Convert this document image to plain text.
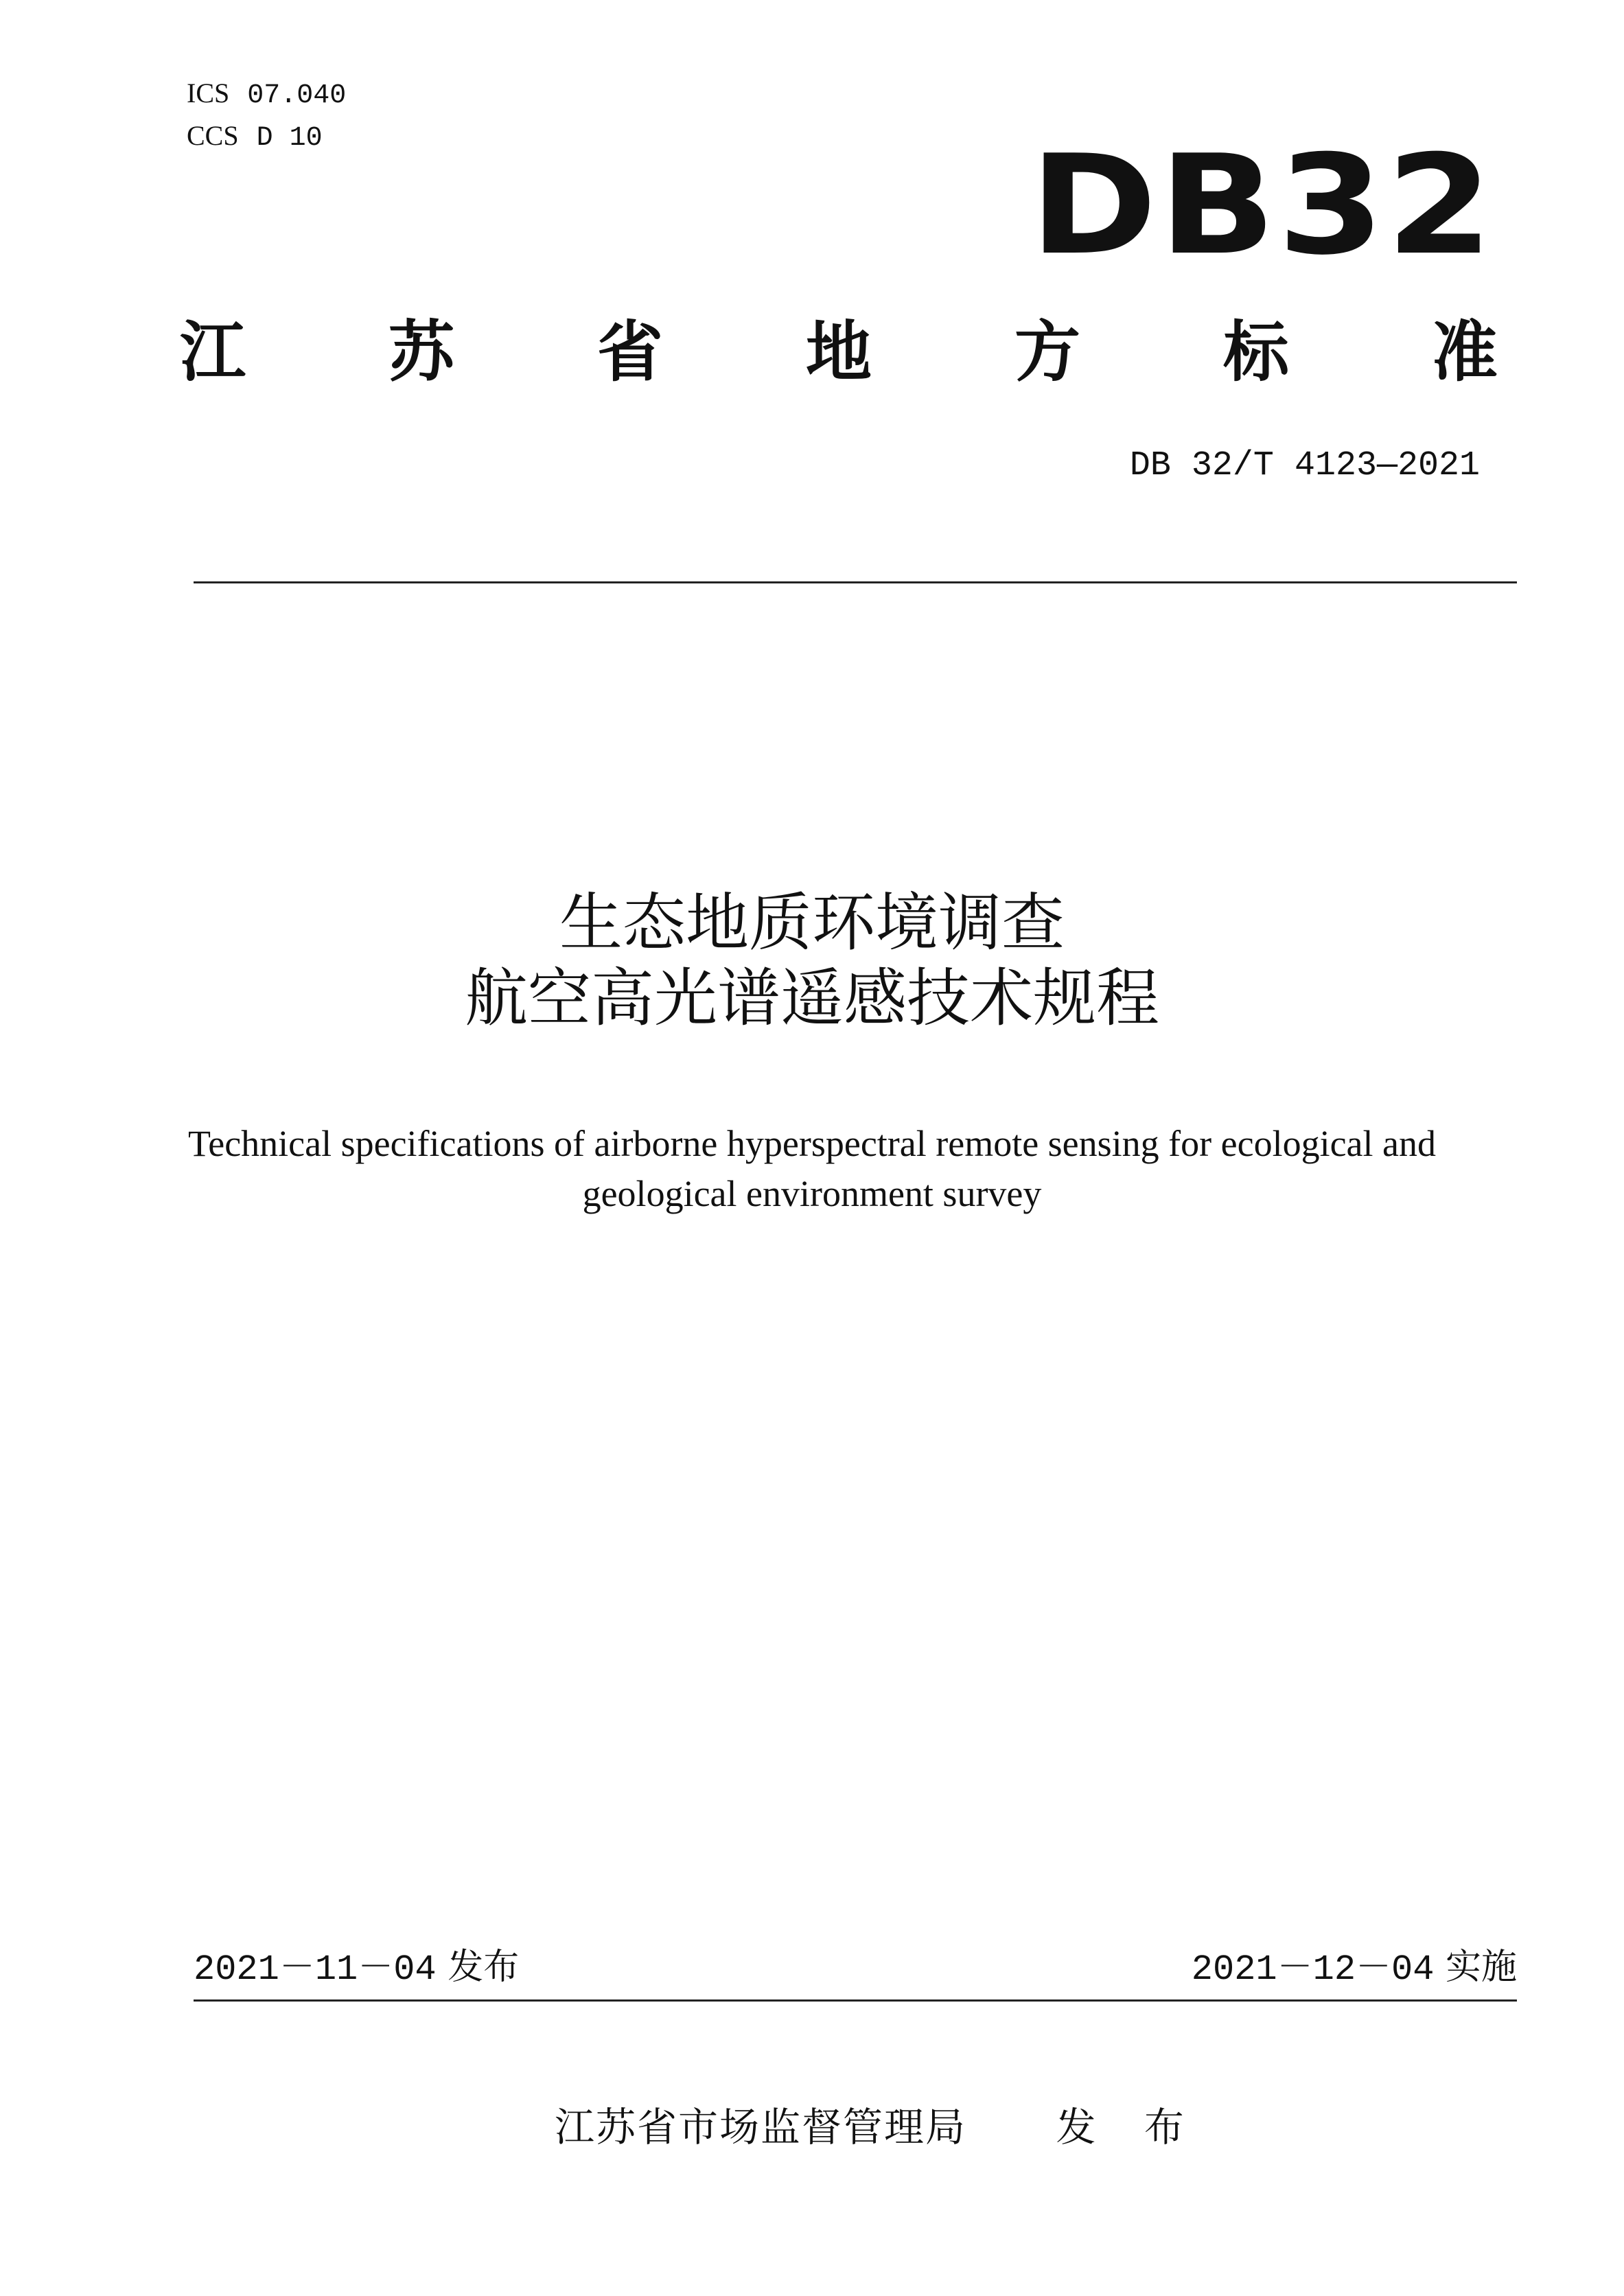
ICS 07.040
CCS D 10	DB32
江 苏 省 地 方 标 准
DB 32/T 4123—2021
生态地质环境调查
航空高光谱遥感技术规程
Technical specifications of airborne hyperspectral remote sensing for ecological and
geological environment survey
2021－11－04 发布	2021－12－04 实施
江苏省市场监督管理局 发 布
